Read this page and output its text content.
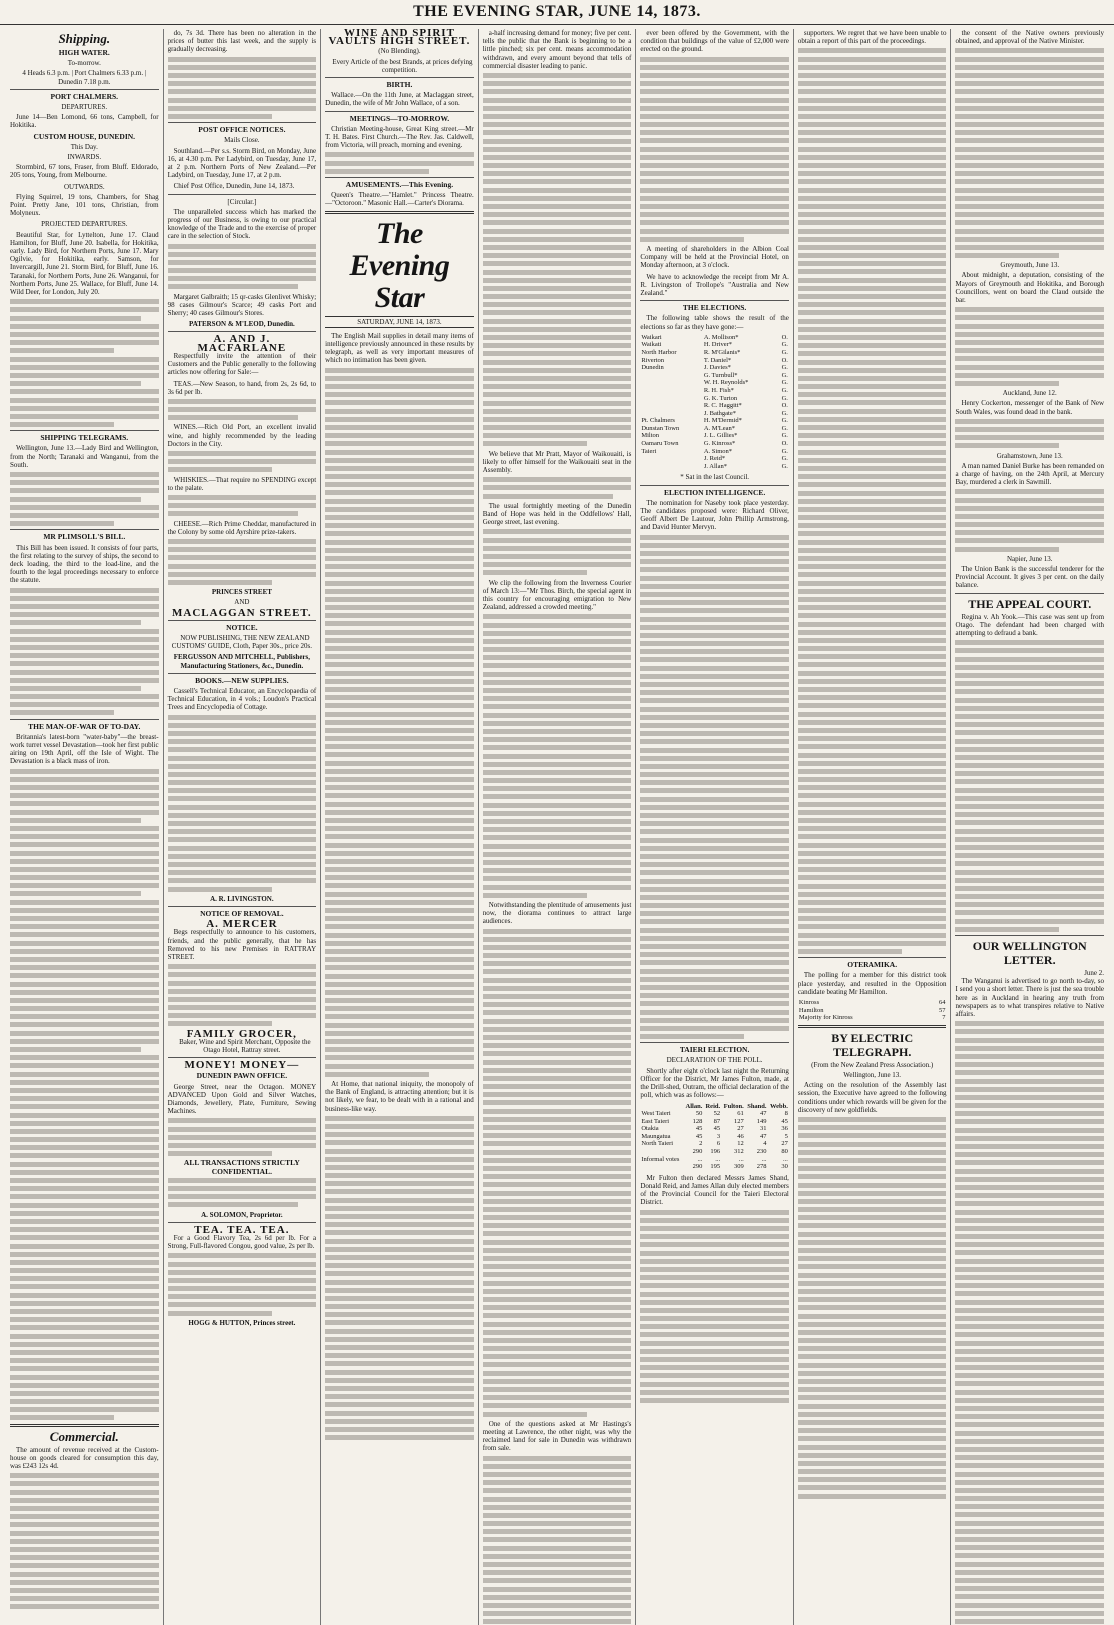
THE EVENING STAR, JUNE 14, 1873.
Shipping.
HIGH WATER.
To-morrow.
4 Heads 6.3 p.m. | Port Chalmers 6.33 p.m. | Dunedin 7.18 p.m.
PORT CHALMERS.
DEPARTURES.
June 14—Ben Lomond, 66 tons, Campbell, for Hokitika.
CUSTOM HOUSE, DUNEDIN.
This Day.
INWARDS.
Stormbird, 67 tons, Fraser, from Bluff. Eldorado, 205 tons, Young, from Melbourne.
OUTWARDS.
Flying Squirrel, 19 tons, Chambers, for Shag Point. Pretty Jane, 101 tons, Christian, from Molyneux.
PROJECTED DEPARTURES.
Beautiful Star, for Lyttelton, June 17. Claud Hamilton, for Bluff, June 20. Isabella, for Hokitika, early. Lady Bird, for Northern Ports, June 17. Mary Ogilvie, for Hokitika, early. Samson, for Invercargill, June 21. Storm Bird, for Bluff, June 16. Taranaki, for Northern Ports, June 26. Wanganui, for Northern Ports, June 25. Wallace, for Bluff, June 14. Wild Deer, for London, July 20.
SHIPPING TELEGRAMS.
Wellington, June 13.—Lady Bird and Wellington, from the North; Taranaki and Wanganui, from the South.
MR PLIMSOLL'S BILL.
This Bill has been issued. It consists of four parts, the first relating to the survey of ships, the second to deck loading, the third to the load-line, and the fourth to the legal proceedings necessary to enforce the statute.
THE MAN-OF-WAR OF TO-DAY.
Britannia's latest-born "water-baby"—the breast-work turret vessel Devastation—took her first public airing on 19th April, off the Isle of Wight. The Devastation is a black mass of iron.
Commercial.
The amount of revenue received at the Custom-house on goods cleared for consumption this day, was £243 12s 4d.
do, 7s 3d. There has been no alteration in the prices of butter this last week, and the supply is gradually decreasing.
POST OFFICE NOTICES.
Mails Close.
Southland.—Per s.s. Storm Bird, on Monday, June 16, at 4.30 p.m. Per Ladybird, on Tuesday, June 17, at 2 p.m. Northern Ports of New Zealand.—Per Ladybird, on Tuesday, June 17, at 2 p.m.
Chief Post Office, Dunedin, June 14, 1873.
[Circular.]
The unparalleled success which has marked the progress of our Business, is owing to our practical knowledge of the Trade and to the exercise of proper care in the selection of Stock.
Margaret Galbraith; 15 qr-casks Glenlivet Whisky; 98 cases Gilmour's Scarce; 49 casks Port and Sherry; 40 cases Gilmour's Stores.
PATERSON & M'LEOD, Dunedin.
A. AND J. MACFARLANE
Respectfully invite the attention of their Customers and the Public generally to the following articles now offering for Sale:—
TEAS.—New Season, to hand, from 2s, 2s 6d, to 3s 6d per lb.
WINES.—Rich Old Port, an excellent invalid wine, and highly recommended by the leading Doctors in the City.
WHISKIES.—That require no SPENDING except to the palate.
CHEESE.—Rich Prime Cheddar, manufactured in the Colony by some old Ayrshire prize-takers.
PRINCES STREET
AND
MACLAGGAN STREET.
NOTICE.
NOW PUBLISHING, THE NEW ZEALAND CUSTOMS' GUIDE, Cloth, Paper 30s., price 20s.
FERGUSSON AND MITCHELL, Publishers, Manufacturing Stationers, &c., Dunedin.
BOOKS.—NEW SUPPLIES.
Cassell's Technical Educator, an Encyclopaedia of Technical Education, in 4 vols.; Loudon's Practical Trees and Encyclopedia of Cottage.
A. R. LIVINGSTON.
NOTICE OF REMOVAL.
A. MERCER
Begs respectfully to announce to his customers, friends, and the public generally, that he has Removed to his new Premises in RATTRAY STREET.
FAMILY GROCER,
Baker, Wine and Spirit Merchant, Opposite the Otago Hotel, Rattray street.
MONEY! MONEY—
DUNEDIN PAWN OFFICE.
George Street, near the Octagon. MONEY ADVANCED Upon Gold and Silver Watches, Diamonds, Jewellery, Plate, Furniture, Sewing Machines.
ALL TRANSACTIONS STRICTLY CONFIDENTIAL.
A. SOLOMON, Proprietor.
TEA. TEA. TEA.
For a Good Flavory Tea, 2s 6d per lb. For a Strong, Full-flavored Congou, good value, 2s per lb.
HOGG & HUTTON, Princes street.
WINE AND SPIRIT VAULTS HIGH STREET.
(No Blending).
Every Article of the best Brands, at prices defying competition.
BIRTH.
Wallace.—On the 11th June, at Maclaggan street, Dunedin, the wife of Mr John Wallace, of a son.
MEETINGS—TO-MORROW.
Christian Meeting-house, Great King street.—Mr T. H. Bates. First Church.—The Rev. Jas. Caldwell, from Victoria, will preach, morning and evening.
AMUSEMENTS.—This Evening.
Queen's Theatre.—"Hamlet." Princess Theatre.—"Octoroon." Masonic Hall.—Carter's Diorama.
The Evening Star
SATURDAY, JUNE 14, 1873.
The English Mail supplies in detail many items of intelligence previously announced in these results by telegraph, as well as very important measures of which no intimation has been given.
At Home, that national iniquity, the monopoly of the Bank of England, is attracting attention; but it is not likely, we fear, to be dealt with in a rational and business-like way.
a-half increasing demand for money; five per cent. tells the public that the Bank is beginning to be a little pinched; six per cent. means accommodation withdrawn, and every amount beyond that tells of commercial disaster leading to panic.
We believe that Mr Pratt, Mayor of Waikouaiti, is likely to offer himself for the Waikouaiti seat in the Assembly.
The usual fortnightly meeting of the Dunedin Band of Hope was held in the Oddfellows' Hall, George street, last evening.
We clip the following from the Inverness Courier of March 13:—"Mr Thos. Birch, the special agent in this country for encouraging emigration to New Zealand, addressed a crowded meeting."
Notwithstanding the plentitude of amusements just now, the diorama continues to attract large audiences.
One of the questions asked at Mr Hastings's meeting at Lawrence, the other night, was why the reclaimed land for sale in Dunedin was withdrawn from sale.
ever been offered by the Government, with the condition that buildings of the value of £2,000 were erected on the ground.
A meeting of shareholders in the Albion Coal Company will be held at the Provincial Hotel, on Monday afternoon, at 3 o'clock.
We have to acknowledge the receipt from Mr A. R. Livingston of Trollope's "Australia and New Zealand."
THE ELECTIONS.
The following table shows the result of the elections so far as they have gone:—
Waikari	A. Mollison*	O.
Waikati	H. Driver*	G.
North Harbor	R. M'Gilanis*	G.
Riverton	T. Daniel*	O.
Dunedin	J. Davies*	G.
	G. Turnbull*	G.
	W. H. Reynolds*	G.
	R. H. Fish*	G.
	G. K. Turton	G.
	R. C. Haggitt*	O.
	J. Bathgate*	G.
Pt. Chalmers	H. M'Dermid*	G.
Dunstan Town	A. M'Lean*	G.
Milton	J. L. Gillies*	G.
Oamaru Town	G. Kinross*	O.
Taieri	A. Simon*	G.
	J. Reid*	G.
	J. Allan*	G.
* Sat in the last Council.
ELECTION INTELLIGENCE.
The nomination for Naseby took place yesterday. The candidates proposed were: Richard Oliver, Geoff Albert De Lautour, John Phillip Armstrong, and David Hunter Mervyn.
TAIERI ELECTION.
DECLARATION OF THE POLL.
Shortly after eight o'clock last night the Returning Officer for the District, Mr James Fulton, made, at the Drill-shed, Outram, the official declaration of the poll, which was as follows:—
	Allan.	Reid.	Fulton.	Shand.	Webb.
West Taieri	50	52	61	47	8
East Taieri	128	87	127	149	45
Otakia	45	45	27	31	36
Maungatua	45	3	46	47	5
North Taieri	2	6	12	4	27
	290	196	312	230	80
Informal votes	...	...	...	...	...
	290	195	309	278	30
Mr Fulton then declared Messrs James Shand, Donald Reid, and James Allan duly elected members of the Provincial Council for the Taieri Electoral District.
supporters. We regret that we have been unable to obtain a report of this part of the proceedings.
OTERAMIKA.
The polling for a member for this district took place yesterday, and resulted in the Opposition candidate beating Mr Hamilton.
Kinross	64
Hamilton	57
Majority for Kinross	7
BY ELECTRIC TELEGRAPH.
(From the New Zealand Press Association.)
Wellington, June 13.
Acting on the resolution of the Assembly last session, the Executive have agreed to the following conditions under which rewards will be given for the discovery of new goldfields.
the consent of the Native owners previously obtained, and approval of the Native Minister.
Greymouth, June 13.
About midnight, a deputation, consisting of the Mayors of Greymouth and Hokitika, and Borough Councillors, went on board the Claud outside the bar.
Auckland, June 12.
Henry Cockerton, messenger of the Bank of New South Wales, was found dead in the bank.
Grahamstown, June 13.
A man named Daniel Burke has been remanded on a charge of having, on the 24th April, at Mercury Bay, murdered a clerk in Sawmill.
Napier, June 13.
The Union Bank is the successful tenderer for the Provincial Account. It gives 3 per cent. on the daily balance.
THE APPEAL COURT.
Regina v. Ah Yook.—This case was sent up from Otago. The defendant had been charged with attempting to defraud a bank.
OUR WELLINGTON LETTER.
June 2.
The Wanganui is advertised to go north to-day, so I send you a short letter. There is just the sea trouble here as in Auckland in hearing any truth from newspapers as to what transpires relative to Native affairs.
